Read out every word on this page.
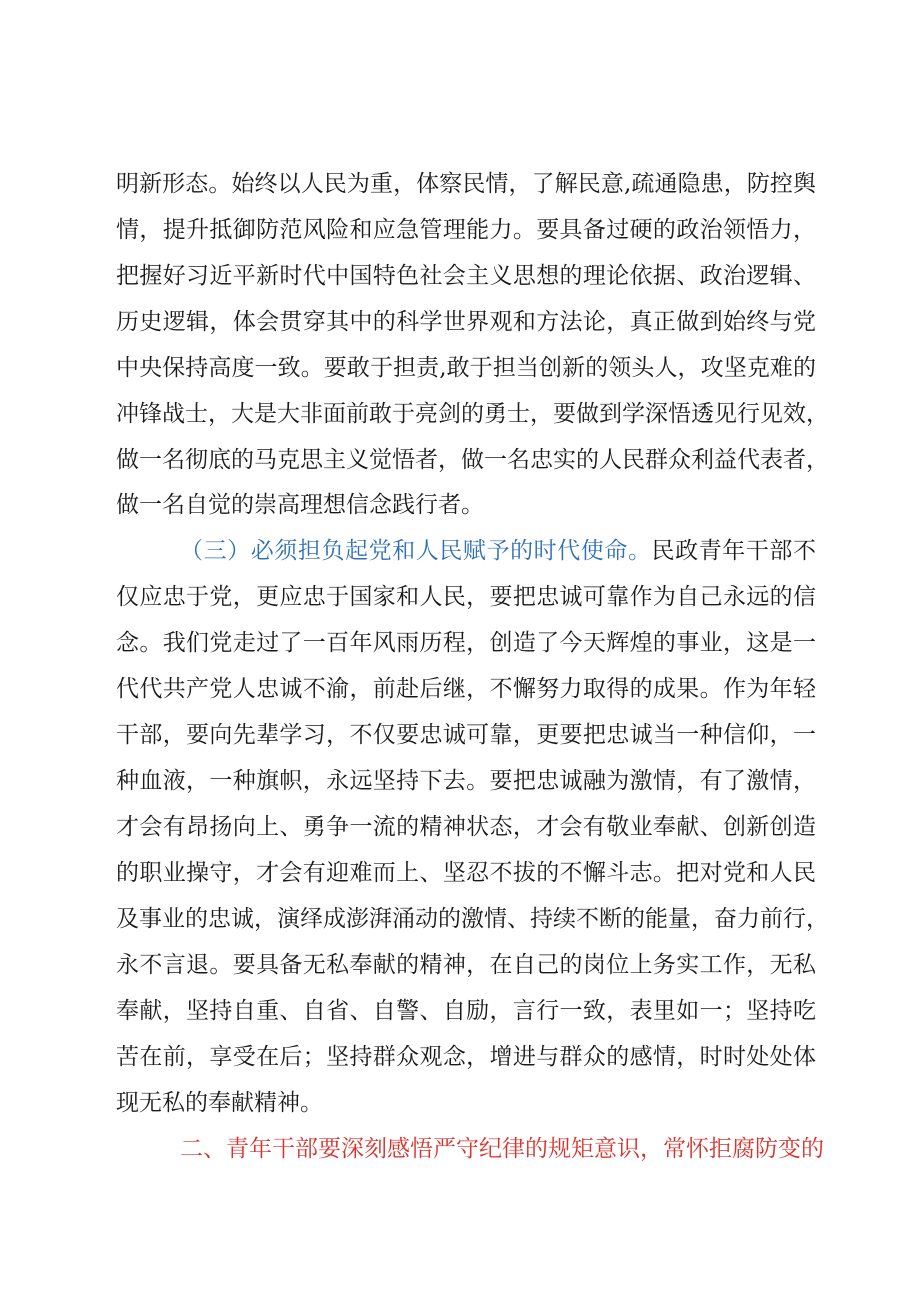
明新形态。始终以人民为重，体察民情，了解民意,疏通隐患，防控舆
情，提升抵御防范风险和应急管理能力。要具备过硬的政治领悟力，
把握好习近平新时代中国特色社会主义思想的理论依据、政治逻辑、
历史逻辑，体会贯穿其中的科学世界观和方法论，真正做到始终与党
中央保持高度一致。要敢于担责,敢于担当创新的领头人，攻坚克难的
冲锋战士，大是大非面前敢于亮剑的勇士，要做到学深悟透见行见效，
做一名彻底的马克思主义觉悟者，做一名忠实的人民群众利益代表者，
做一名自觉的崇高理想信念践行者。
（三）必须担负起党和人民赋予的时代使命。民政青年干部不
仅应忠于党，更应忠于国家和人民，要把忠诚可靠作为自己永远的信
念。我们党走过了一百年风雨历程，创造了今天辉煌的事业，这是一
代代共产党人忠诚不渝，前赴后继，不懈努力取得的成果。作为年轻
干部，要向先辈学习，不仅要忠诚可靠，更要把忠诚当一种信仰，一
种血液，一种旗帜，永远坚持下去。要把忠诚融为激情，有了激情，
才会有昂扬向上、勇争一流的精神状态，才会有敬业奉献、创新创造
的职业操守，才会有迎难而上、坚忍不拔的不懈斗志。把对党和人民
及事业的忠诚，演绎成澎湃涌动的激情、持续不断的能量，奋力前行，
永不言退。要具备无私奉献的精神，在自己的岗位上务实工作，无私
奉献，坚持自重、自省、自警、自励，言行一致，表里如一；坚持吃
苦在前，享受在后；坚持群众观念，增进与群众的感情，时时处处体
现无私的奉献精神。
二、青年干部要深刻感悟严守纪律的规矩意识，常怀拒腐防变的
